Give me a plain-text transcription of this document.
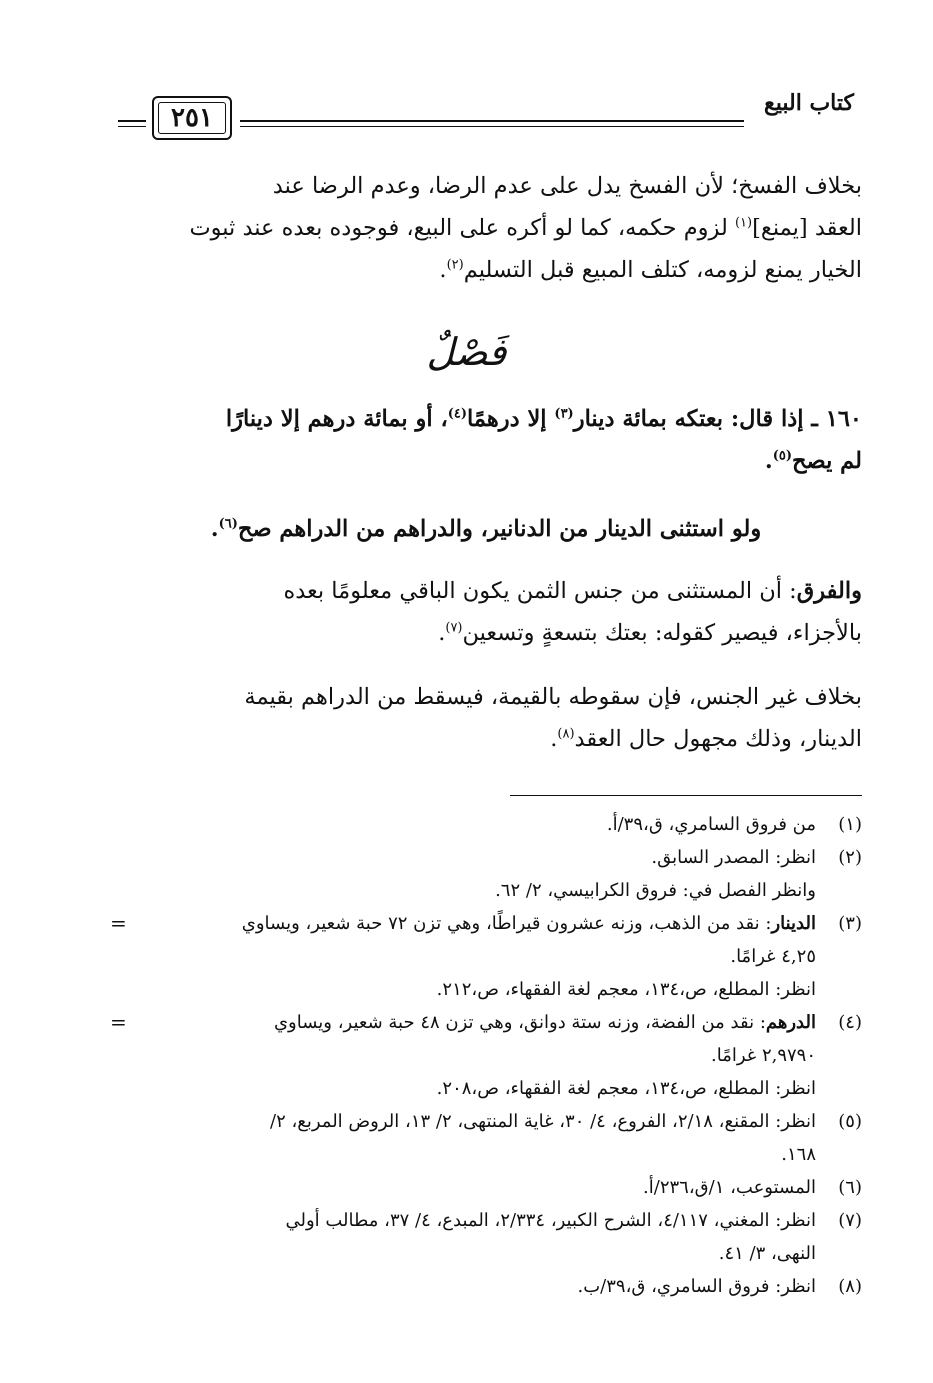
كتاب البيع
٢٥١
بخلاف الفسخ؛ لأن الفسخ يدل على عدم الرضا، وعدم الرضا عند
العقد [يمنع]$^{(١)}$ لزوم حكمه، كما لو أكره على البيع، فوجوده بعده عند ثبوت
الخيار يمنع لزومه، كتلف المبيع قبل التسليم$^{(٢)}$.
فَصْلٌ
١٦٠ ـ إذا قال: بعتكه بمائة دينار$^{(٣)}$ إلا درهمًا$^{(٤)}$، أو بمائة درهم إلا دينارًا
لم يصح$^{(٥)}$.
ولو استثنى الدينار من الدنانير، والدراهم من الدراهم صح$^{(٦)}$.
والفرق: أن المستثنى من جنس الثمن يكون الباقي معلومًا بعده
بالأجزاء، فيصير كقوله: بعتك بتسعةٍ وتسعين$^{(٧)}$.
بخلاف غير الجنس، فإن سقوطه بالقيمة، فيسقط من الدراهم بقيمة
الدينار، وذلك مجهول حال العقد$^{(٨)}$.
(١)
من فروق السامري، ق،٣٩/أ.
(٢)
انظر: المصدر السابق.
وانظر الفصل في: فروق الكرابيسي، ٢/ ٦٢.
(٣)
=	الدينار: نقد من الذهب، وزنه عشرون قيراطًا، وهي تزن ٧٢ حبة شعير، ويساوي
٤,٢٥ غرامًا.
انظر: المطلع، ص،١٣٤، معجم لغة الفقهاء، ص،٢١٢.
(٤)
=	الدرهم: نقد من الفضة، وزنه ستة دوانق، وهي تزن ٤٨ حبة شعير، ويساوي
٢,٩٧٩٠ غرامًا.
انظر: المطلع، ص،١٣٤، معجم لغة الفقهاء، ص،٢٠٨.
(٥)
انظر: المقنع، ٢/١٨، الفروع، ٤/ ٣٠، غاية المنتهى، ٢/ ١٣، الروض المربع، ٢/
١٦٨.
(٦)
المستوعب، ١/ق،٢٣٦/أ.
(٧)
انظر: المغني، ٤/١١٧، الشرح الكبير، ٢/٣٣٤، المبدع، ٤/ ٣٧، مطالب أولي
النهى، ٣/ ٤١.
(٨)
انظر: فروق السامري، ق،٣٩/ب.
